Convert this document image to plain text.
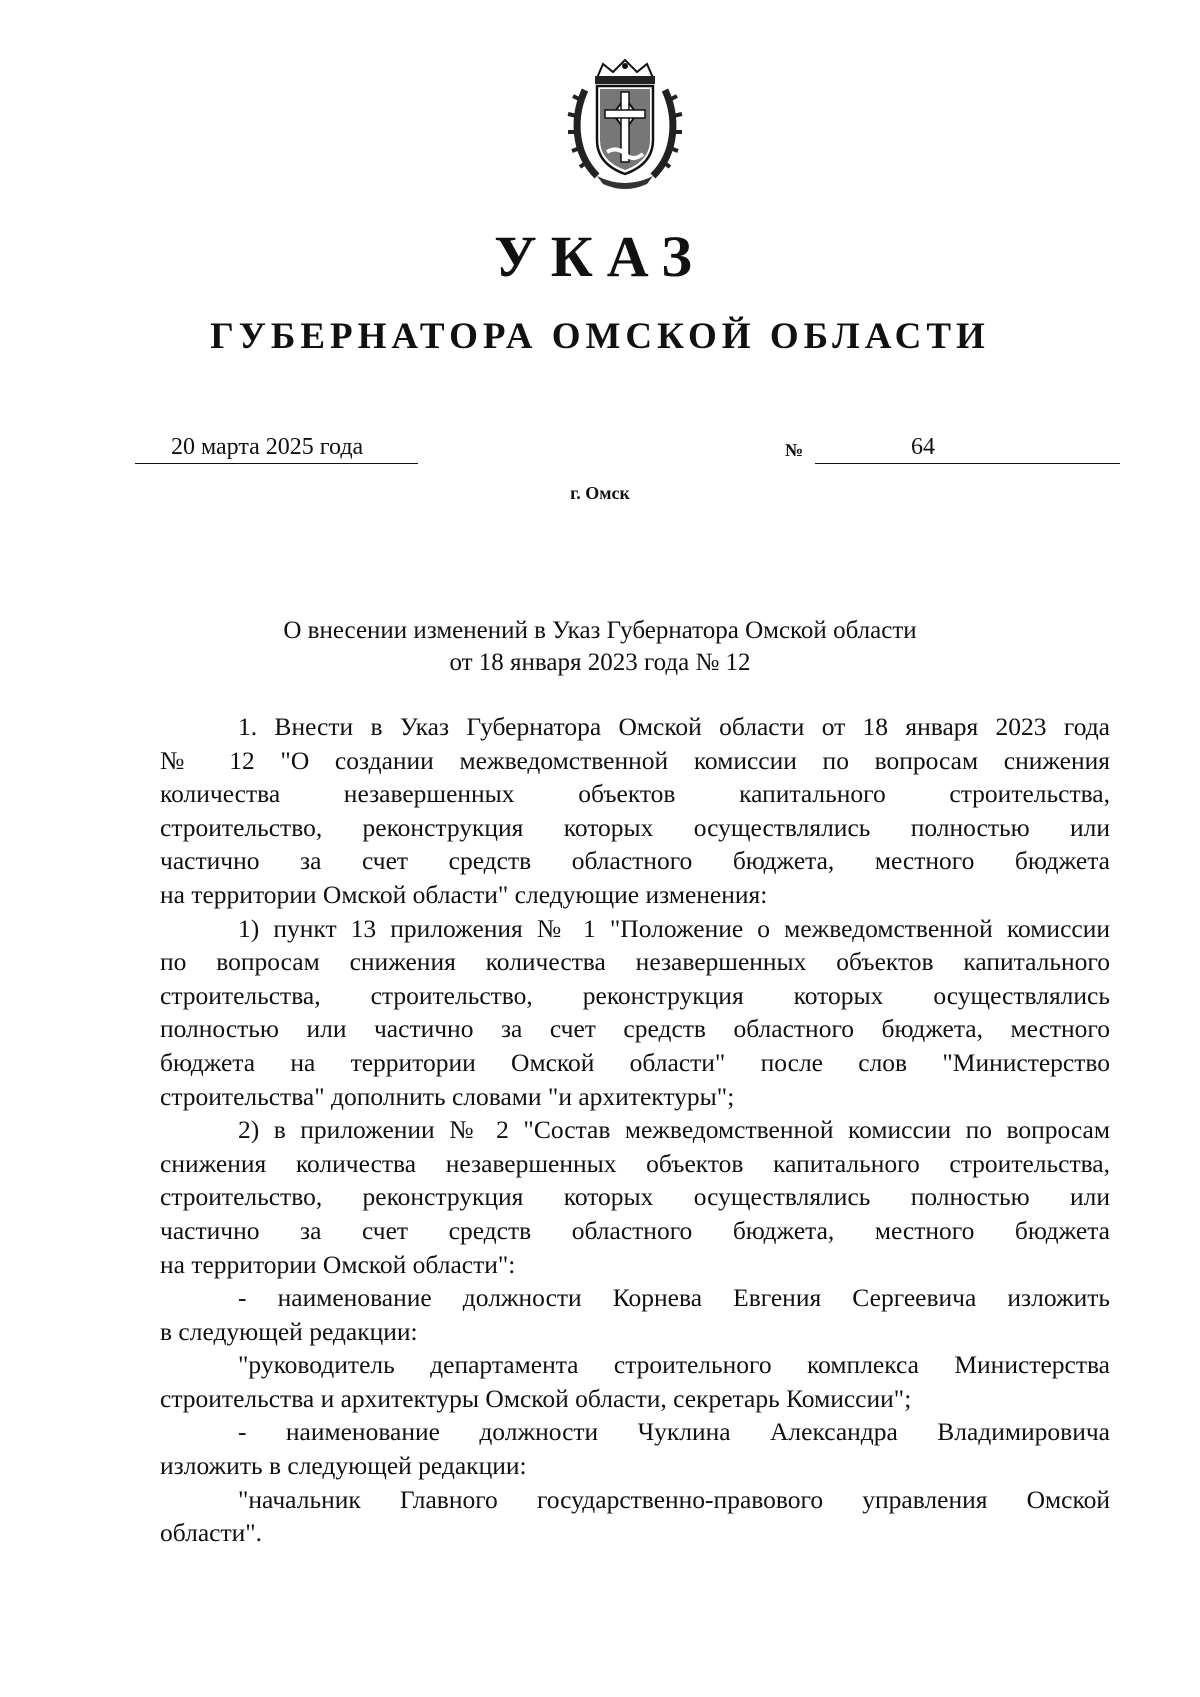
УКАЗ
ГУБЕРНАТОРА ОМСКОЙ ОБЛАСТИ
20 марта 2025 года	№	64
г. Омск
О внесении изменений в Указ Губернатора Омской области
от 18 января 2023 года № 12
1. Внести в Указ Губернатора Омской области от 18 января 2023 года
№ 12 "О создании межведомственной комиссии по вопросам снижения
количества незавершенных объектов капитального строительства,
строительство, реконструкция которых осуществлялись полностью или
частично за счет средств областного бюджета, местного бюджета
на территории Омской области" следующие изменения:
1) пункт 13 приложения № 1 "Положение о межведомственной комиссии
по вопросам снижения количества незавершенных объектов капитального
строительства, строительство, реконструкция которых осуществлялись
полностью или частично за счет средств областного бюджета, местного
бюджета на территории Омской области" после слов "Министерство
строительства" дополнить словами "и архитектуры";
2) в приложении № 2 "Состав межведомственной комиссии по вопросам
снижения количества незавершенных объектов капитального строительства,
строительство, реконструкция которых осуществлялись полностью или
частично за счет средств областного бюджета, местного бюджета
на территории Омской области":
- наименование должности Корнева Евгения Сергеевича изложить
в следующей редакции:
"руководитель департамента строительного комплекса Министерства
строительства и архитектуры Омской области, секретарь Комиссии";
- наименование должности Чуклина Александра Владимировича
изложить в следующей редакции:
"начальник Главного государственно-правового управления Омской
области".
